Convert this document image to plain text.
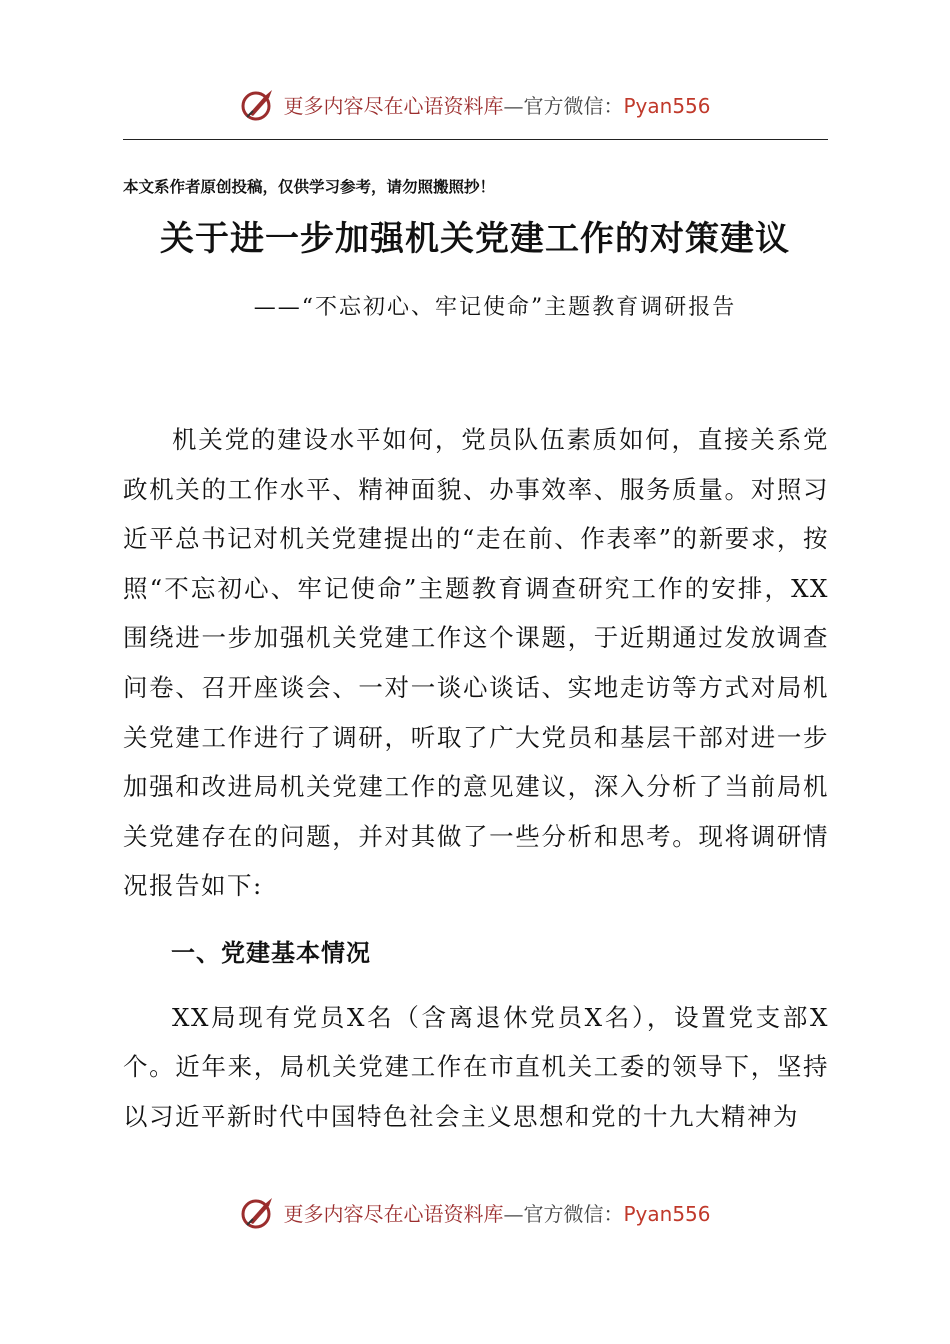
更多内容尽在心语资料库—官方微信：Pyan556
本文系作者原创投稿，仅供学习参考，请勿照搬照抄！
关于进一步加强机关党建工作的对策建议
——“不忘初心、牢记使命”主题教育调研报告

机关党的建设水平如何，党员队伍素质如何，直接关系党政机关的工作水平、精神面貌、办事效率、服务质量。对照习近平总书记对机关党建提出的“走在前、作表率”的新要求，按照“不忘初心、牢记使命”主题教育调查研究工作的安排，XX围绕进一步加强机关党建工作这个课题，于近期通过发放调查问卷、召开座谈会、一对一谈心谈话、实地走访等方式对局机关党建工作进行了调研，听取了广大党员和基层干部对进一步加强和改进局机关党建工作的意见建议，深入分析了当前局机关党建存在的问题，并对其做了一些分析和思考。现将调研情况报告如下:

一、党建基本情况

XX局现有党员X名（含离退休党员X名），设置党支部X个。近年来，局机关党建工作在市直机关工委的领导下，坚持以习近平新时代中国特色社会主义思想和党的十九大精神为

更多内容尽在心语资料库—官方微信：Pyan556
